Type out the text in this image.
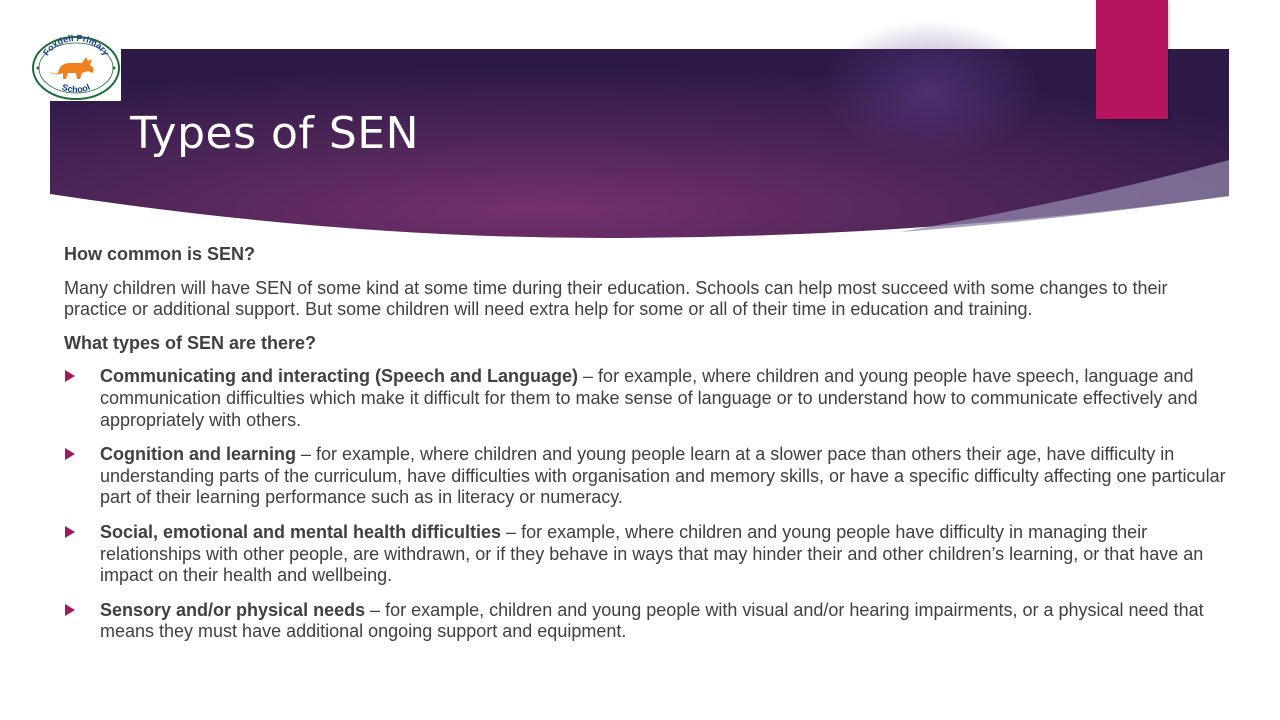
Foxdell Primary
School
Types of SEN

How common is SEN?

Many children will have SEN of some kind at some time during their education. Schools can help most succeed with some changes to their practice or additional support. But some children will need extra help for some or all of their time in education and training.

What types of SEN are there?

Communicating and interacting (Speech and Language) – for example, where children and young people have speech, language and communication difficulties which make it difficult for them to make sense of language or to understand how to communicate effectively and appropriately with others.
Cognition and learning – for example, where children and young people learn at a slower pace than others their age, have difficulty in understanding parts of the curriculum, have difficulties with organisation and memory skills, or have a specific difficulty affecting one particular part of their learning performance such as in literacy or numeracy.
Social, emotional and mental health difficulties – for example, where children and young people have difficulty in managing their relationships with other people, are withdrawn, or if they behave in ways that may hinder their and other children’s learning, or that have an impact on their health and wellbeing.
Sensory and/or physical needs – for example, children and young people with visual and/or hearing impairments, or a physical need that means they must have additional ongoing support and equipment.
